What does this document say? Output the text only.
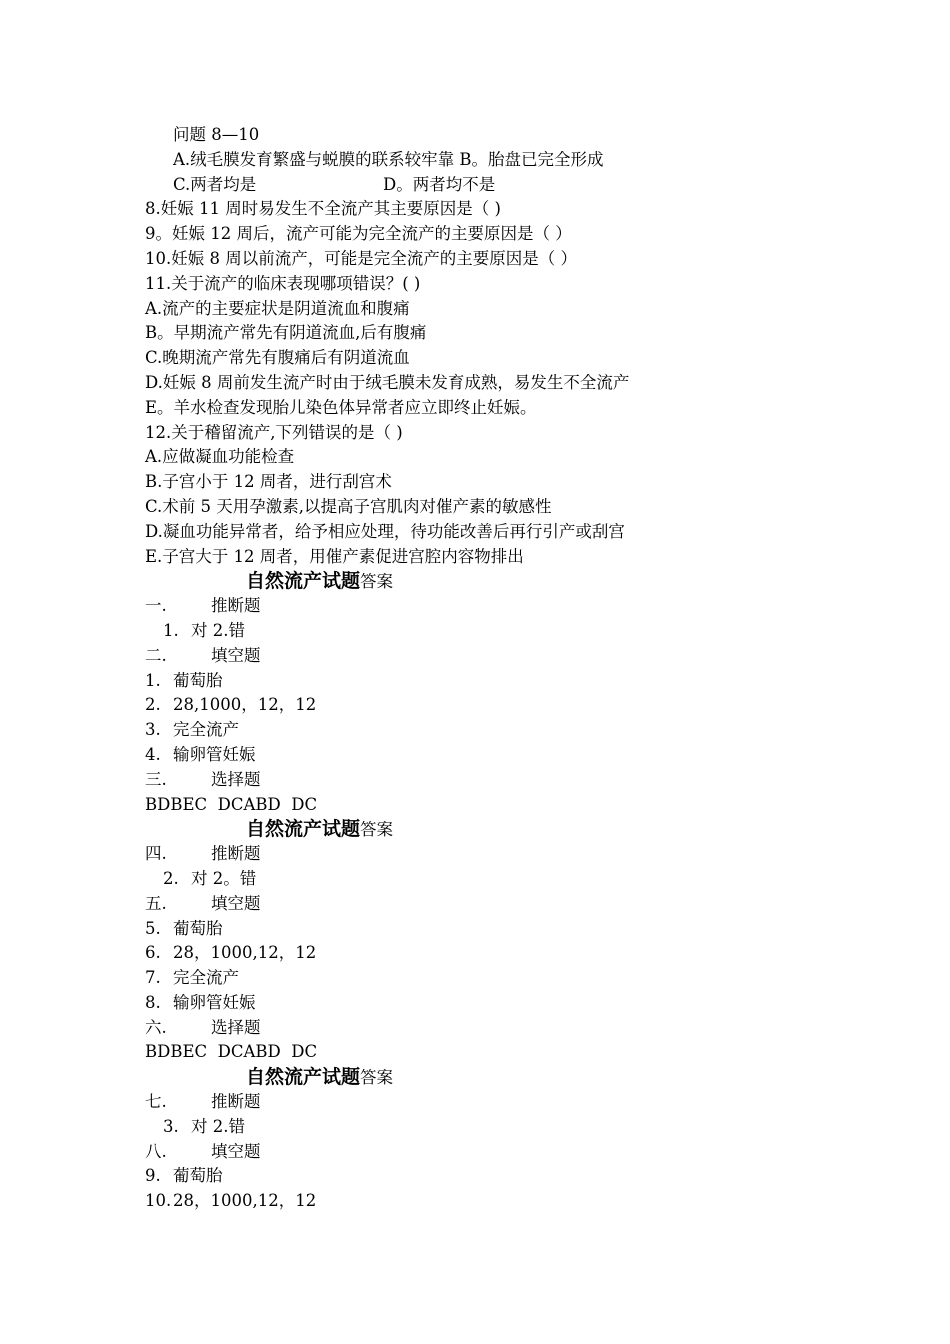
问题 8—10
A.绒毛膜发育繁盛与蜕膜的联系较牢靠 B。胎盘已完全形成
C.两者均是	D。两者均不是
8.妊娠 11 周时易发生不全流产其主要原因是（ )
9。妊娠 12 周后，流产可能为完全流产的主要原因是（ ）
10.妊娠 8 周以前流产，可能是完全流产的主要原因是（ ）
11.关于流产的临床表现哪项错误？( )
A.流产的主要症状是阴道流血和腹痛
B。早期流产常先有阴道流血,后有腹痛
C.晚期流产常先有腹痛后有阴道流血
D.妊娠 8 周前发生流产时由于绒毛膜未发育成熟，易发生不全流产
E。羊水检查发现胎儿染色体异常者应立即终止妊娠。
12.关于稽留流产,下列错误的是（ )
A.应做凝血功能检查
B.子宫小于 12 周者，进行刮宫术
C.术前 5 天用孕激素,以提高子宫肌肉对催产素的敏感性
D.凝血功能异常者，给予相应处理，待功能改善后再行引产或刮宫
E.子宫大于 12 周者，用催产素促进宫腔内容物排出
自然流产试题答案
一.	推断题
1. 对 2.错
二.	填空题
1. 葡萄胎
2. 28,1000，12，12
3. 完全流产
4. 输卵管妊娠
三.	选择题
BDBEC  DCABD  DC
自然流产试题答案
四.	推断题
2. 对 2。错
五.	填空题
5. 葡萄胎
6. 28，1000,12，12
7. 完全流产
8. 输卵管妊娠
六.	选择题
BDBEC  DCABD  DC
自然流产试题答案
七.	推断题
3. 对 2.错
八.	填空题
9. 葡萄胎
10. 28，1000,12，12
